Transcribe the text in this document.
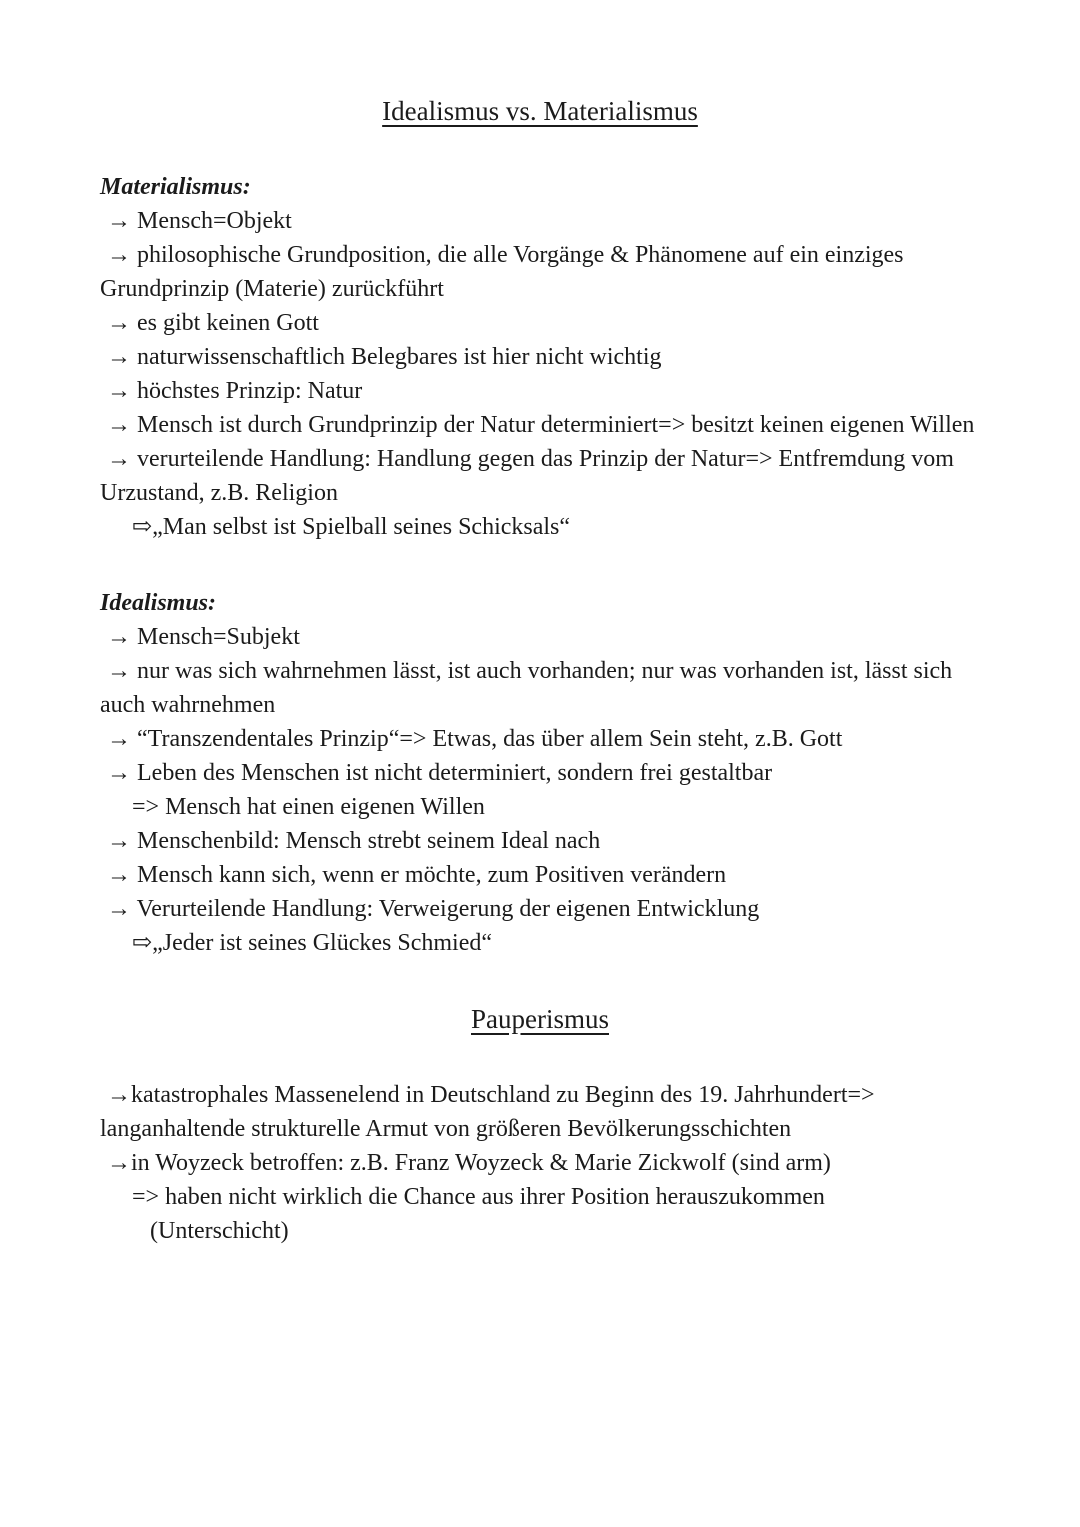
Idealismus vs. Materialismus
Materialismus:

→ Mensch=Objekt

→ philosophische Grundposition, die alle Vorgänge & Phänomene auf ein einziges Grundprinzip (Materie) zurückführt

→ es gibt keinen Gott

→ naturwissenschaftlich Belegbares ist hier nicht wichtig

→ höchstes Prinzip: Natur

→ Mensch ist durch Grundprinzip der Natur determiniert=> besitzt keinen eigenen Willen

→ verurteilende Handlung: Handlung gegen das Prinzip der Natur=> Entfremdung vom Urzustand, z.B. Religion

⇨„Man selbst ist Spielball seines Schicksals“

Idealismus:

→ Mensch=Subjekt

→ nur was sich wahrnehmen lässt, ist auch vorhanden; nur was vorhanden ist, lässt sich auch wahrnehmen

→ “Transzendentales Prinzip“=> Etwas, das über allem Sein steht, z.B. Gott

→ Leben des Menschen ist nicht determiniert, sondern frei gestaltbar

=> Mensch hat einen eigenen Willen

→ Menschenbild: Mensch strebt seinem Ideal nach

→ Mensch kann sich, wenn er möchte, zum Positiven verändern

→ Verurteilende Handlung: Verweigerung der eigenen Entwicklung

⇨„Jeder ist seines Glückes Schmied“

Pauperismus

→katastrophales Massenelend in Deutschland zu Beginn des 19. Jahrhundert=> langanhaltende strukturelle Armut von größeren Bevölkerungsschichten

→in Woyzeck betroffen: z.B. Franz Woyzeck & Marie Zickwolf (sind arm)

=> haben nicht wirklich die Chance aus ihrer Position herauszukommen

(Unterschicht)
